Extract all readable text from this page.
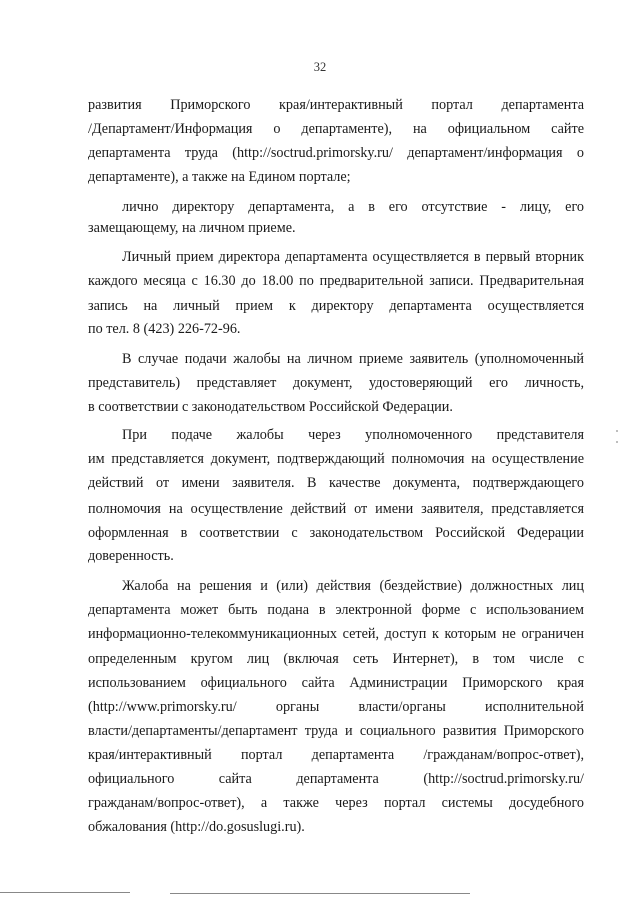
32
развития Приморского края/интерактивный портал департамента
/Департамент/Информация о департаменте), на официальном сайте
департамента труда (http://soctrud.primorsky.ru/ департамент/информация о
департаменте), а также на Едином портале;
лично директору департамента, а в его отсутствие - лицу, его
замещающему, на личном приеме.
Личный прием директора департамента осуществляется в первый вторник
каждого месяца с 16.30 до 18.00 по предварительной записи. Предварительная
запись на личный прием к директору департамента осуществляется
по тел. 8 (423) 226-72-96.
В случае подачи жалобы на личном приеме заявитель (уполномоченный
представитель) представляет документ, удостоверяющий его личность,
в соответствии с законодательством Российской Федерации.
При подаче жалобы через уполномоченного представителя
им представляется документ, подтверждающий полномочия на осуществление
действий от имени заявителя. В качестве документа, подтверждающего
полномочия на осуществление действий от имени заявителя, представляется
оформленная в соответствии с законодательством Российской Федерации
доверенность.
Жалоба на решения и (или) действия (бездействие) должностных лиц
департамента может быть подана в электронной форме с использованием
информационно-телекоммуникационных сетей, доступ к которым не ограничен
определенным кругом лиц (включая сеть Интернет), в том числе с
использованием официального сайта Администрации Приморского края
(http://www.primorsky.ru/ органы власти/органы исполнительной
власти/департаменты/департамент труда и социального развития Приморского
края/интерактивный портал департамента /гражданам/вопрос-ответ),
официального сайта департамента (http://soctrud.primorsky.ru/
гражданам/вопрос-ответ), а также через портал системы досудебного
обжалования (http://do.gosuslugi.ru).
